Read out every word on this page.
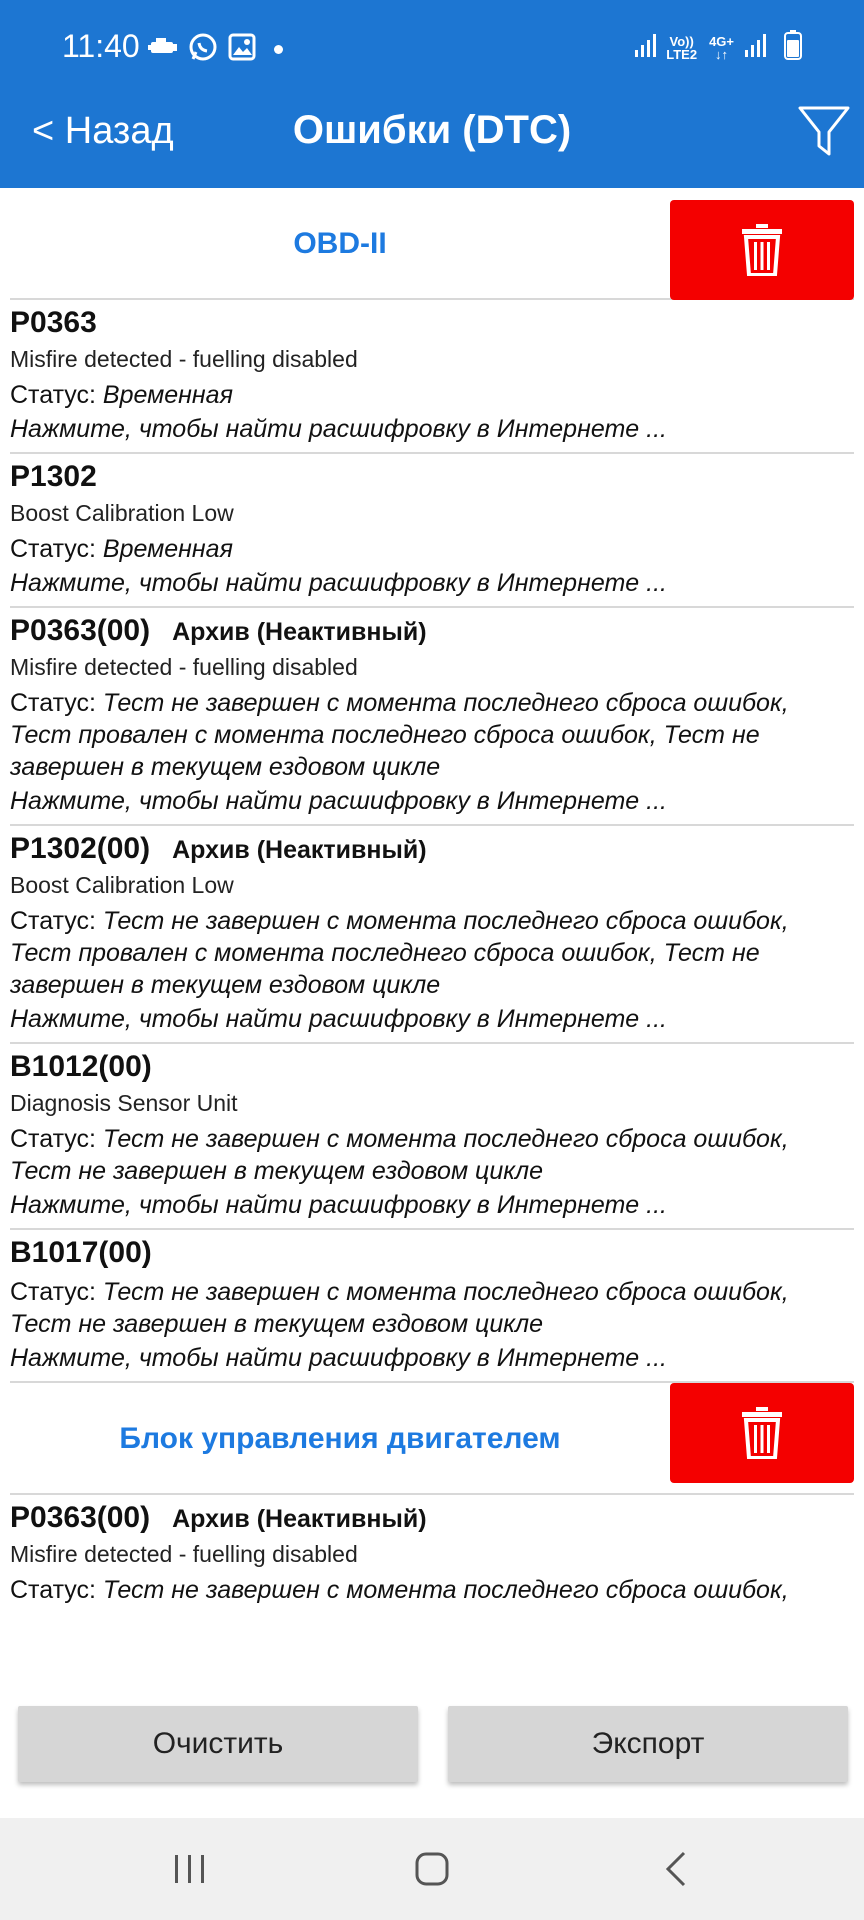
11:40	Vo))
LTE2
4G+
↓↑
< Назад	Ошибки (DTC)
OBD-II
P0363
Misfire detected - fuelling disabled
Статус: Временная
Нажмите, чтобы найти расшифровку в Интернете ...
P1302
Boost Calibration Low
Статус: Временная
Нажмите, чтобы найти расшифровку в Интернете ...
P0363(00) Архив (Неактивный)
Misfire detected - fuelling disabled
Статус: Тест не завершен с момента последнего сброса ошибок, Тест провален с момента последнего сброса ошибок, Тест не завершен в текущем ездовом цикле
Нажмите, чтобы найти расшифровку в Интернете ...
P1302(00) Архив (Неактивный)
Boost Calibration Low
Статус: Тест не завершен с момента последнего сброса ошибок, Тест провален с момента последнего сброса ошибок, Тест не завершен в текущем ездовом цикле
Нажмите, чтобы найти расшифровку в Интернете ...
B1012(00)
Diagnosis Sensor Unit
Статус: Тест не завершен с момента последнего сброса ошибок, Тест не завершен в текущем ездовом цикле
Нажмите, чтобы найти расшифровку в Интернете ...
B1017(00)
Статус: Тест не завершен с момента последнего сброса ошибок, Тест не завершен в текущем ездовом цикле
Нажмите, чтобы найти расшифровку в Интернете ...
Блок управления двигателем
P0363(00) Архив (Неактивный)
Misfire detected - fuelling disabled
Статус: Тест не завершен с момента последнего сброса ошибок,
Очистить	Экспорт
